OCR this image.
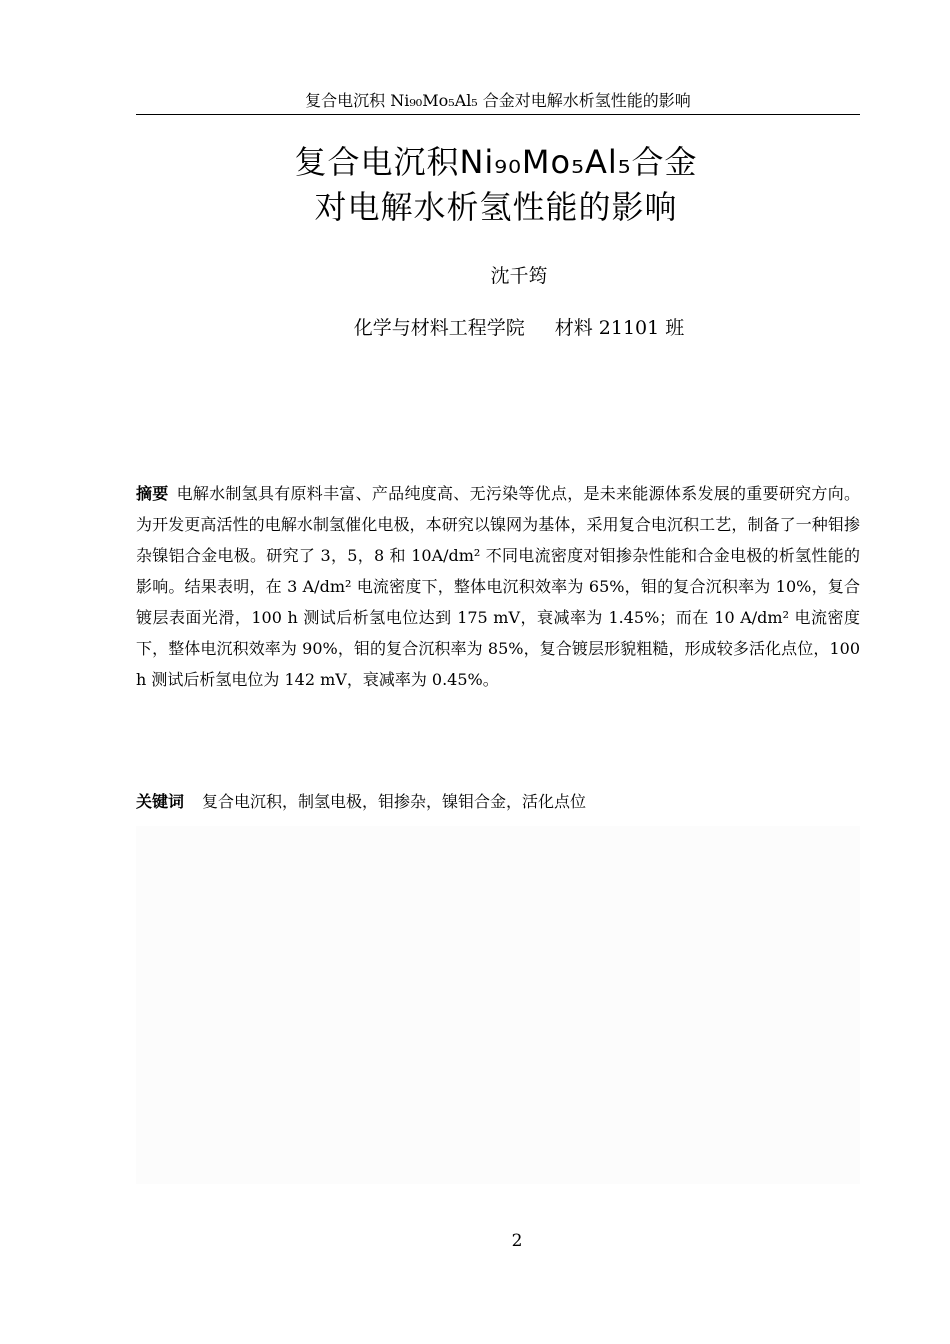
复合电沉积 Ni₉₀Mo₅Al₅ 合金对电解水析氢性能的影响
复合电沉积Ni₉₀Mo₅Al₅合金
对电解水析氢性能的影响
沈千筠
化学与材料工程学院 材料 21101 班
摘要 电解水制氢具有原料丰富、产品纯度高、无污染等优点，是未来能源体系发展的重要研究方向。为开发更高活性的电解水制氢催化电极，本研究以镍网为基体，采用复合电沉积工艺，制备了一种钼掺杂镍铝合金电极。研究了 3，5，8 和 10A/dm² 不同电流密度对钼掺杂性能和合金电极的析氢性能的影响。结果表明，在 3 A/dm² 电流密度下，整体电沉积效率为 65%，钼的复合沉积率为 10%，复合镀层表面光滑，100 h 测试后析氢电位达到 175 mV，衰减率为 1.45%；而在 10 A/dm² 电流密度下，整体电沉积效率为 90%，钼的复合沉积率为 85%，复合镀层形貌粗糙，形成较多活化点位，100 h 测试后析氢电位为 142 mV，衰减率为 0.45%。
关键词 复合电沉积，制氢电极，钼掺杂，镍钼合金，活化点位
2
